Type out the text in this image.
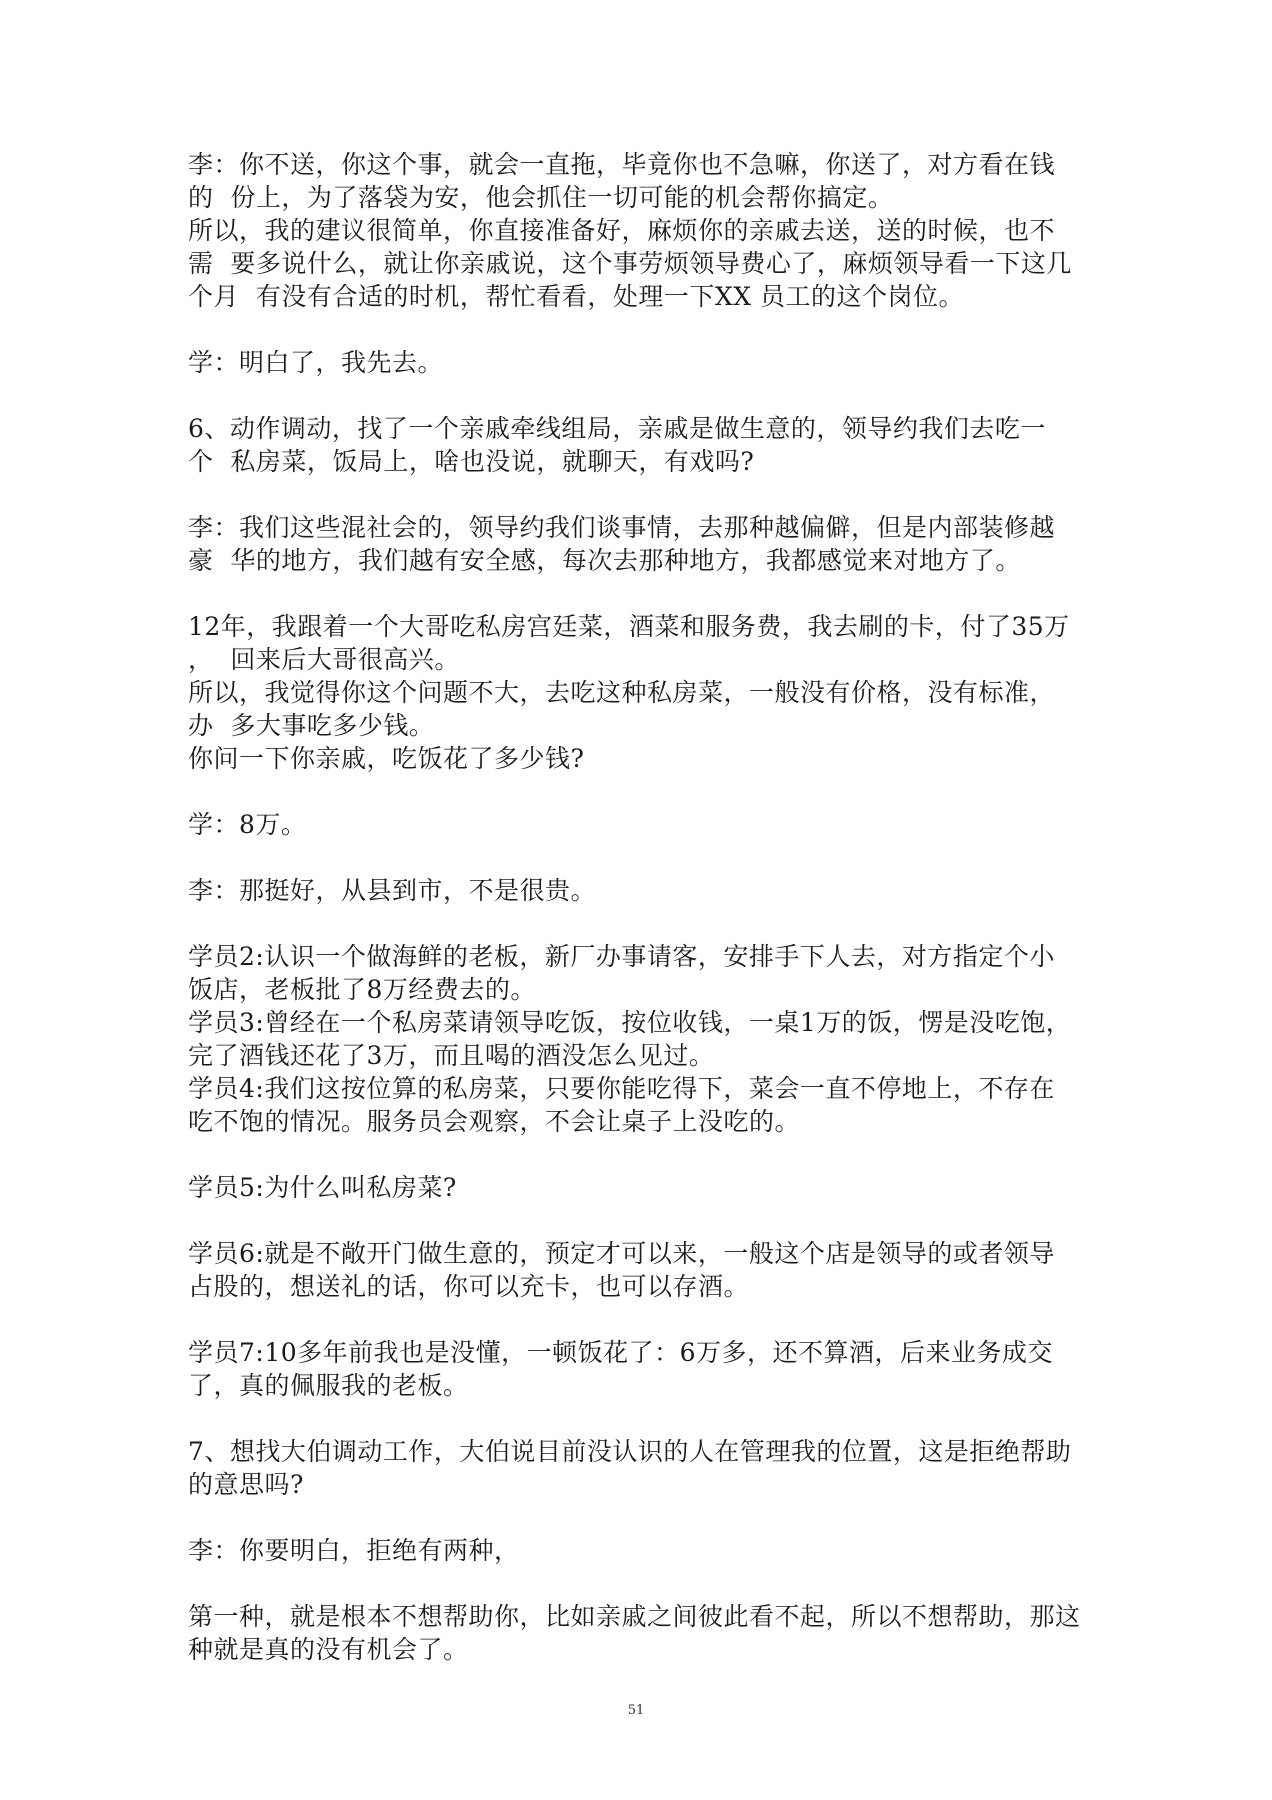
李：你不送，你这个事，就会一直拖，毕竟你也不急嘛，你送了，对方看在钱
的  份上，为了落袋为安，他会抓住一切可能的机会帮你搞定。
所以，我的建议很简单，你直接准备好，麻烦你的亲戚去送，送的时候，也不
需  要多说什么，就让你亲戚说，这个事劳烦领导费心了，麻烦领导看一下这几
个月  有没有合适的时机，帮忙看看，处理一下XX 员工的这个岗位。
学：明白了，我先去。
6、动作调动，找了一个亲戚牵线组局，亲戚是做生意的，领导约我们去吃一
个  私房菜，饭局上，啥也没说，就聊天，有戏吗?
李：我们这些混社会的，领导约我们谈事情，去那种越偏僻，但是内部装修越
豪  华的地方，我们越有安全感，每次去那种地方，我都感觉来对地方了。
12年，我跟着一个大哥吃私房宫廷菜，酒菜和服务费，我去刷的卡，付了35万
，  回来后大哥很高兴。
所以，我觉得你这个问题不大，去吃这种私房菜，一般没有价格，没有标准，
办  多大事吃多少钱。
你问一下你亲戚，吃饭花了多少钱?
学：8万。
李：那挺好，从县到市，不是很贵。
学员2:认识一个做海鲜的老板，新厂办事请客，安排手下人去，对方指定个小
饭店，老板批了8万经费去的。
学员3:曾经在一个私房菜请领导吃饭，按位收钱，一桌1万的饭，愣是没吃饱，
完了酒钱还花了3万，而且喝的酒没怎么见过。
学员4:我们这按位算的私房菜，只要你能吃得下，菜会一直不停地上，不存在
吃不饱的情况。服务员会观察，不会让桌子上没吃的。
学员5:为什么叫私房菜?
学员6:就是不敞开门做生意的，预定才可以来，一般这个店是领导的或者领导
占股的，想送礼的话，你可以充卡，也可以存酒。
学员7:10多年前我也是没懂，一顿饭花了：6万多，还不算酒，后来业务成交
了，真的佩服我的老板。
7、想找大伯调动工作，大伯说目前没认识的人在管理我的位置，这是拒绝帮助
的意思吗?
李：你要明白，拒绝有两种，
第一种，就是根本不想帮助你，比如亲戚之间彼此看不起，所以不想帮助，那这
种就是真的没有机会了。
51
